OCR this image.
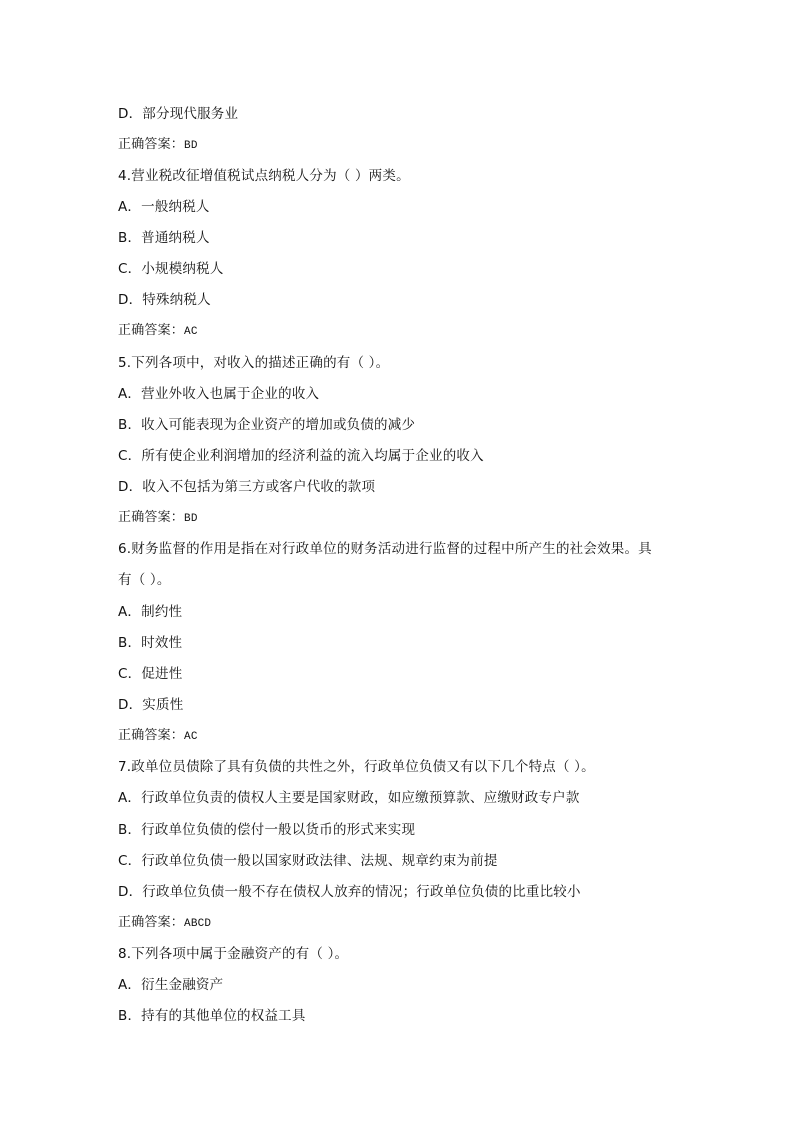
D．部分现代服务业
正确答案：BD
4.营业税改征增值税试点纳税人分为（ ）两类。
A．一般纳税人
B．普通纳税人
C．小规模纳税人
D．特殊纳税人
正确答案：AC
5.下列各项中，对收入的描述正确的有（ ）。
A．营业外收入也属于企业的收入
B．收入可能表现为企业资产的增加或负债的减少
C．所有使企业利润增加的经济利益的流入均属于企业的收入
D．收入不包括为第三方或客户代收的款项
正确答案：BD
6.财务监督的作用是指在对行政单位的财务活动进行监督的过程中所产生的社会效果。具
有（ ）。
A．制约性
B．时效性
C．促进性
D．实质性
正确答案：AC
7.政单位员债除了具有负债的共性之外，行政单位负债又有以下几个特点（ ）。
A．行政单位负责的债权人主要是国家财政，如应缴预算款、应缴财政专户款
B．行政单位负债的偿付一般以货币的形式来实现
C．行政单位负债一般以国家财政法律、法规、规章约束为前提
D．行政单位负债一般不存在债权人放弃的情况；行政单位负债的比重比较小
正确答案：ABCD
8.下列各项中属于金融资产的有（ ）。
A．衍生金融资产
B．持有的其他单位的权益工具
